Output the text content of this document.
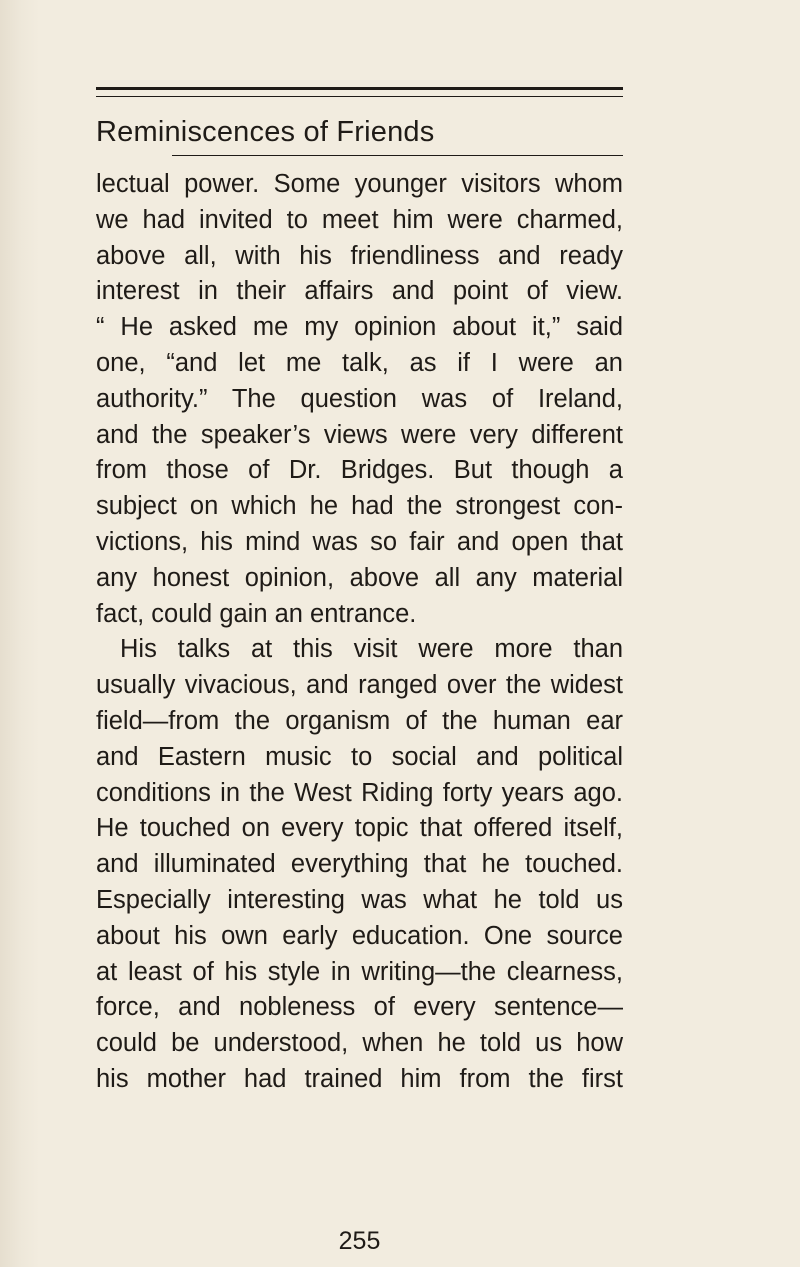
Reminiscences of Friends
lectual power. Some younger visitors whom
we had invited to meet him were charmed,
above all, with his friendliness and ready
interest in their affairs and point of view.
“ He asked me my opinion about it,” said
one, “and let me talk, as if I were an
authority.” The question was of Ireland,
and the speaker’s views were very different
from those of Dr. Bridges. But though a
subject on which he had the strongest con-
victions, his mind was so fair and open that
any honest opinion, above all any material
fact, could gain an entrance.
His talks at this visit were more than
usually vivacious, and ranged over the widest
field—from the organism of the human ear
and Eastern music to social and political
conditions in the West Riding forty years ago.
He touched on every topic that offered itself,
and illuminated everything that he touched.
Especially interesting was what he told us
about his own early education. One source
at least of his style in writing—the clearness,
force, and nobleness of every sentence—
could be understood, when he told us how
his mother had trained him from the first
255
